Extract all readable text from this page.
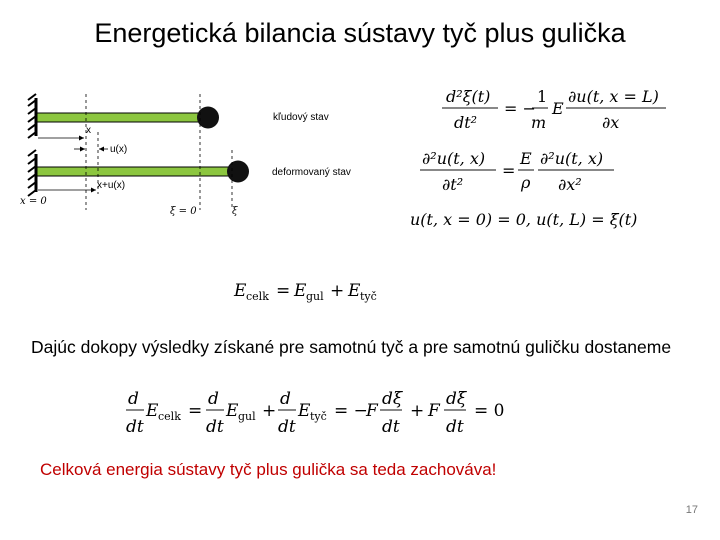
Energetická bilancia sústavy tyč plus gulička
x
u(x)
x+u(x)
x = 0
ξ = 0	ξ
kľudový stav
deformovaný stav
d²ξ(t)
dt²
= −
1
m
E
∂u(t, x = L)
∂x
∂²u(t, x)
∂t²
=
E
ρ
∂²u(t, x)
∂x²
u(t, x = 0) = 0, u(t, L) = ξ(t)
E celk = E gul + E tyč
Dajúc dokopy výsledky získané pre samotnú tyč a pre samotnú guličku dostaneme
d
dt
E celk =
d
dt
E gul +
d
dt
E tyč = −
F
dξ
dt
+ F
dξ
dt
= 0
Celková energia sústavy tyč plus gulička sa teda zachováva!
17
